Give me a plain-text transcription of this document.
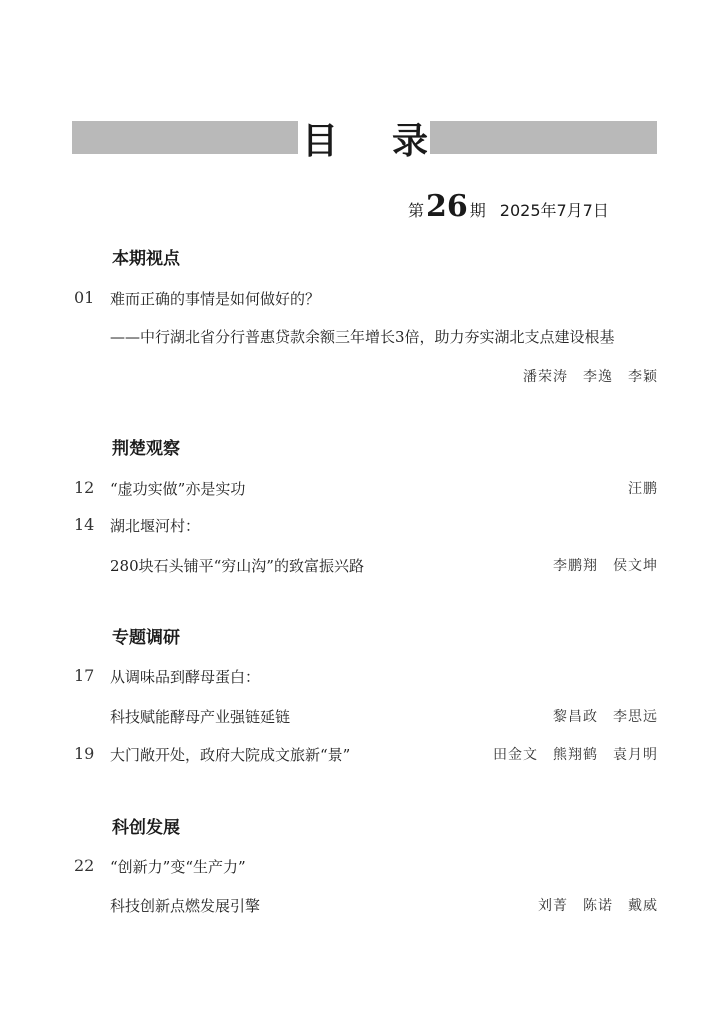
目 录
第 26 期 2025年7月7日
本期视点
01 难而正确的事情是如何做好的？
——中行湖北省分行普惠贷款余额三年增长3倍，助力夯实湖北支点建设根基
潘荣涛　李逸　李颖
荆楚观察
12 “虚功实做”亦是实功	汪鹏
14 湖北堰河村：
280块石头铺平“穷山沟”的致富振兴路	李鹏翔　侯文坤
专题调研
17 从调味品到酵母蛋白：
科技赋能酵母产业强链延链	黎昌政　李思远
19 大门敞开处，政府大院成文旅新“景”	田金文　熊翔鹤　袁月明
科创发展
22 “创新力”变“生产力”
科技创新点燃发展引擎	刘菁　陈诺　戴威
